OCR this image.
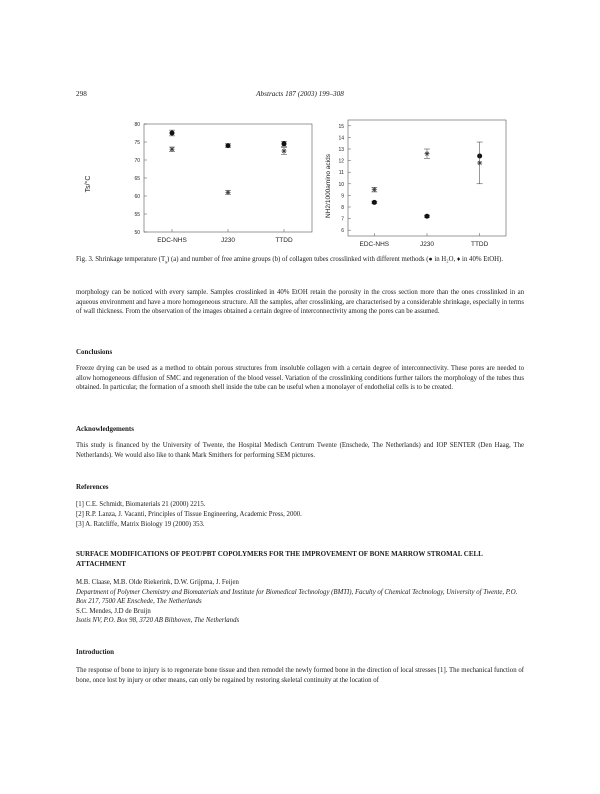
298	Abstracts 187 (2003) 199–308
Ts/°C
80
75
70
65
60
55
50
EDC-NHS	J230	TTDD
NH2/1000amino acids
15
14
13
12
11
10
9
8
7
6
EDC-NHS	J230	TTDD
Fig. 3. Shrinkage temperature $(T_s)$ (a) and number of free amine groups (b) of collagen tubes crosslinked with different methods (● in H₂O, ♦ in 40% EtOH).

morphology can be noticed with every sample. Samples crosslinked in 40% EtOH retain the porosity in the cross section more than the ones crosslinked in an aqueous environment and have a more homogeneous structure. All the samples, after crosslinking, are characterised by a considerable shrinkage, especially in terms of wall thickness. From the observation of the images obtained a certain degree of interconnectivity among the pores can be assumed.

Conclusions

Freeze drying can be used as a method to obtain porous structures from insoluble collagen with a certain degree of interconnectivity. These pores are needed to allow homogeneous diffusion of SMC and regeneration of the blood vessel. Variation of the crosslinking conditions further tailors the morphology of the tubes thus obtained. In particular, the formation of a smooth shell inside the tube can be useful when a monolayer of endothelial cells is to be created.

Acknowledgements

This study is financed by the University of Twente, the Hospital Medisch Centrum Twente (Enschede, The Netherlands) and IOP SENTER (Den Haag, The Netherlands). We would also like to thank Mark Smithers for performing SEM pictures.

References
[1] C.E. Schmidt, Biomaterials 21 (2000) 2215.
[2] R.P. Lanza, J. Vacanti, Principles of Tissue Engineering, Academic Press, 2000.
[3] A. Ratcliffe, Matrix Biology 19 (2000) 353.
SURFACE MODIFICATIONS OF PEOT/PBT COPOLYMERS FOR THE IMPROVEMENT OF BONE MARROW STROMAL CELL ATTACHMENT
M.B. Claase, M.B. Olde Riekerink, D.W. Grijpma, J. Feijen
Department of Polymer Chemistry and Biomaterials and Institute for Biomedical Technology (BMTI), Faculty of Chemical Technology, University of Twente, P.O. Box 217, 7500 AE Enschede, The Netherlands
S.C. Mendes, J.D de Bruijn
Isotis NV, P.O. Box 98, 3720 AB Bilthoven, The Netherlands
Introduction

The response of bone to injury is to regenerate bone tissue and then remodel the newly formed bone in the direction of local stresses [1]. The mechanical function of bone, once lost by injury or other means, can only be regained by restoring skeletal continuity at the location of
